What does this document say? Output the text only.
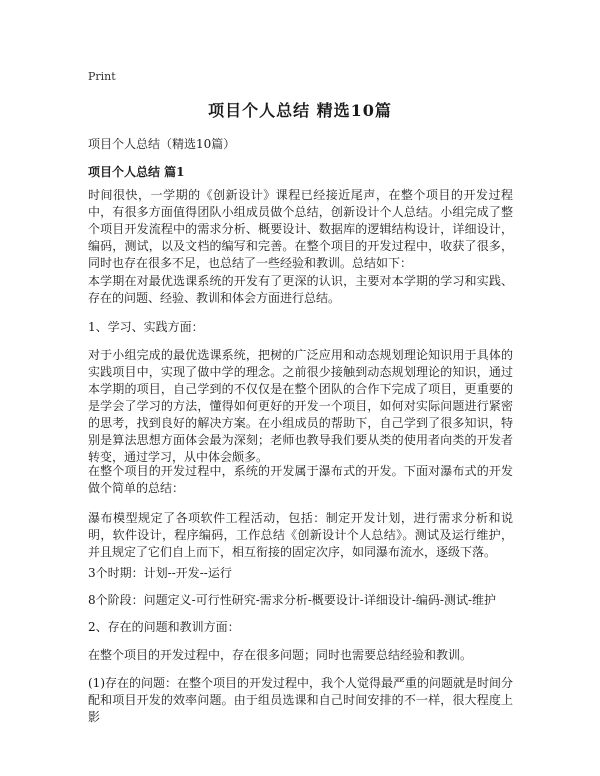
Print
项目个人总结 精选10篇
项目个人总结（精选10篇）
项目个人总结 篇1
时间很快，一学期的《创新设计》课程已经接近尾声，在整个项目的开发过程中，有很多方面值得团队小组成员做个总结，创新设计个人总结。小组完成了整个项目开发流程中的需求分析、概要设计、数据库的逻辑结构设计，详细设计，编码，测试，以及文档的编写和完善。在整个项目的开发过程中，收获了很多，同时也存在很多不足，也总结了一些经验和教训。总结如下：
本学期在对最优选课系统的开发有了更深的认识，主要对本学期的学习和实践、存在的问题、经验、教训和体会方面进行总结。
1、学习、实践方面：
对于小组完成的最优选课系统，把树的广泛应用和动态规划理论知识用于具体的实践项目中，实现了做中学的理念。之前很少接触到动态规划理论的知识，通过本学期的项目，自己学到的不仅仅是在整个团队的合作下完成了项目，更重要的是学会了学习的方法，懂得如何更好的开发一个项目，如何对实际问题进行紧密的思考，找到良好的解决方案。在小组成员的帮助下，自己学到了很多知识，特别是算法思想方面体会最为深刻；老师也教导我们要从类的使用者向类的开发者转变，通过学习，从中体会颇多。
在整个项目的开发过程中，系统的开发属于瀑布式的开发。下面对瀑布式的开发做个简单的总结：
瀑布模型规定了各项软件工程活动，包括：制定开发计划，进行需求分析和说明，软件设计，程序编码，工作总结《创新设计个人总结》。测试及运行维护，并且规定了它们自上而下，相互衔接的固定次序，如同瀑布流水，逐级下落。
3个时期：计划--开发--运行
8个阶段：问题定义-可行性研究-需求分析-概要设计-详细设计-编码-测试-维护
2、存在的问题和教训方面：
在整个项目的开发过程中，存在很多问题；同时也需要总结经验和教训。
(1)存在的问题：在整个项目的开发过程中，我个人觉得最严重的问题就是时间分配和项目开发的效率问题。由于组员选课和自己时间安排的不一样，很大程度上影
